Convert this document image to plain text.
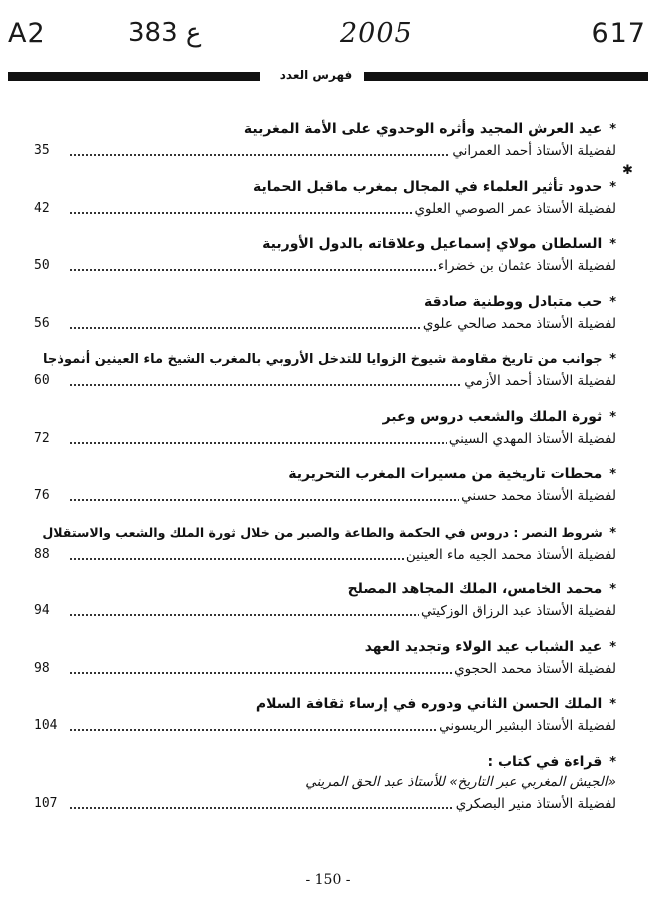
A2	383 ع	2005	617
فهرس العدد
✱
* عيد العرش المجيد وأثره الوحدوي على الأمة المغربية
لفضيلة الأستاذ أحمد العمراني
35
* حدود تأثير العلماء في المجال بمغرب ماقبل الحماية
لفضيلة الأستاذ عمر الصوصي العلوي
42
* السلطان مولاي إسماعيل وعلاقاته بالدول الأوربية
لفضيلة الأستاذ عثمان بن خضراء
50
* حب متبادل ووطنية صادقة
لفضيلة الأستاذ محمد صالحي علوي
56
* جوانب من تاريخ مقاومة شيوخ الزوايا للتدخل الأروبي بالمغرب الشيخ ماء العينين أنموذجا
لفضيلة الأستاذ أحمد الأزمي
60
* ثورة الملك والشعب دروس وعبر
لفضيلة الأستاذ المهدي السيني
72
* محطات تاريخية من مسيرات المغرب التحريرية
لفضيلة الأستاذ محمد حسني
76
* شروط النصر : دروس في الحكمة والطاعة والصبر من خلال ثورة الملك والشعب والاستقلال
لفضيلة الأستاذ محمد الجيه ماء العينين
88
* محمد الخامس، الملك المجاهد المصلح
لفضيلة الأستاذ عبد الرزاق الوزكيتي
94
* عيد الشباب عيد الولاء وتجديد العهد
لفضيلة الأستاذ محمد الحجوي
98
* الملك الحسن الثاني ودوره في إرساء ثقافة السلام
لفضيلة الأستاذ البشير الريسوني
104
* قراءة في كتاب :
«الجيش المغربي عبر التاريخ» للأستاذ عبد الحق المريني
لفضيلة الأستاذ منير البصكري
107
- 150 -
